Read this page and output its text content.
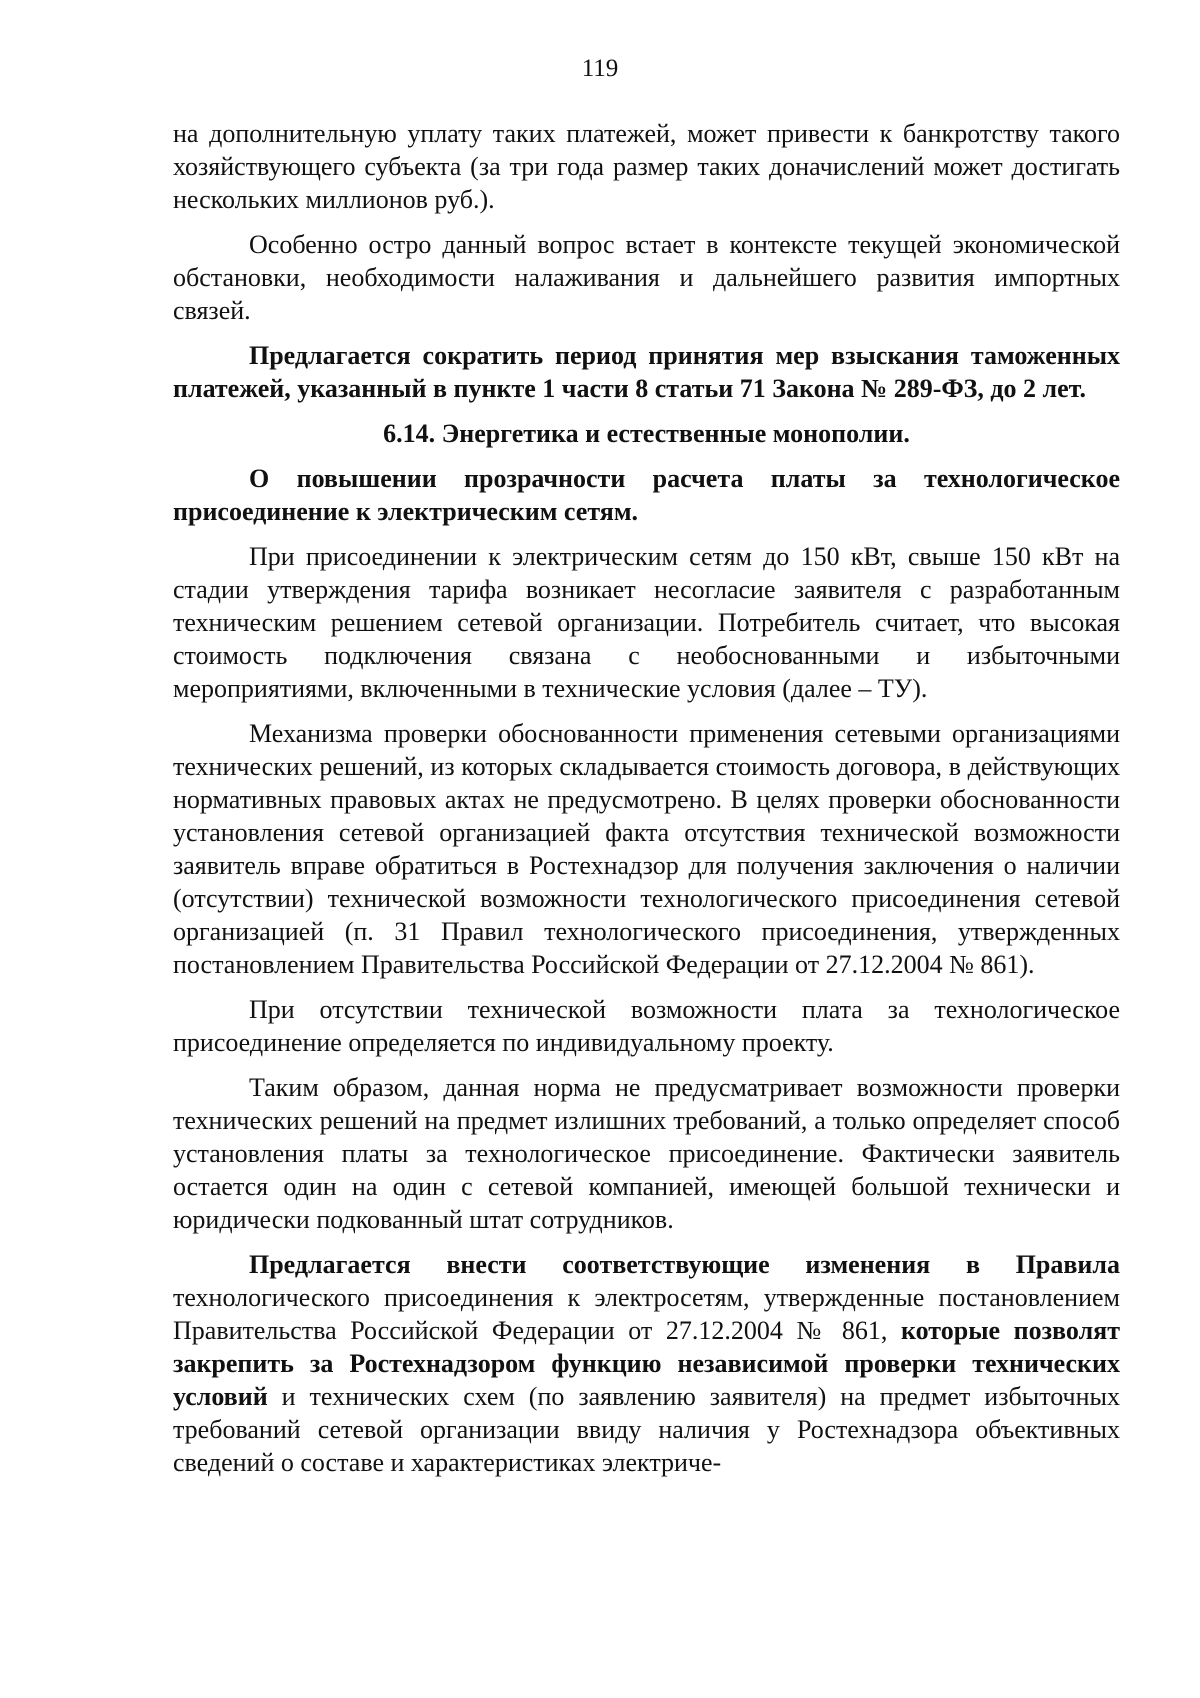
119

на дополнительную уплату таких платежей, может привести к банкротству такого хозяйствующего субъекта (за три года размер таких доначислений может достигать нескольких миллионов руб.).

Особенно остро данный вопрос встает в контексте текущей экономической обстановки, необходимости налаживания и дальнейшего развития импортных связей.

Предлагается сократить период принятия мер взыскания таможенных платежей, указанный в пункте 1 части 8 статьи 71 Закона № 289-ФЗ, до 2 лет.

6.14. Энергетика и естественные монополии.

О повышении прозрачности расчета платы за технологическое присоединение к электрическим сетям.

При присоединении к электрическим сетям до 150 кВт, свыше 150 кВт на стадии утверждения тарифа возникает несогласие заявителя с разработанным техническим решением сетевой организации. Потребитель считает, что высокая стоимость подключения связана с необоснованными и избыточными мероприятиями, включенными в технические условия (далее – ТУ).

Механизма проверки обоснованности применения сетевыми организациями технических решений, из которых складывается стоимость договора, в действующих нормативных правовых актах не предусмотрено. В целях проверки обоснованности установления сетевой организацией факта отсутствия технической возможности заявитель вправе обратиться в Ростехнадзор для получения заключения о наличии (отсутствии) технической возможности технологического присоединения сетевой организацией (п. 31 Правил технологического присоединения, утвержденных постановлением Правительства Российской Федерации от 27.12.2004 № 861).

При отсутствии технической возможности плата за технологическое присоединение определяется по индивидуальному проекту.

Таким образом, данная норма не предусматривает возможности проверки технических решений на предмет излишних требований, а только определяет способ установления платы за технологическое присоединение. Фактически заявитель остается один на один с сетевой компанией, имеющей большой технически и юридически подкованный штат сотрудников.

Предлагается внести соответствующие изменения в Правила технологического присоединения к электросетям, утвержденные постановлением Правительства Российской Федерации от 27.12.2004 № 861, которые позволят закрепить за Ростехнадзором функцию независимой проверки технических условий и технических схем (по заявлению заявителя) на предмет избыточных требований сетевой организации ввиду наличия у Ростехнадзора объективных сведений о составе и характеристиках электриче-
